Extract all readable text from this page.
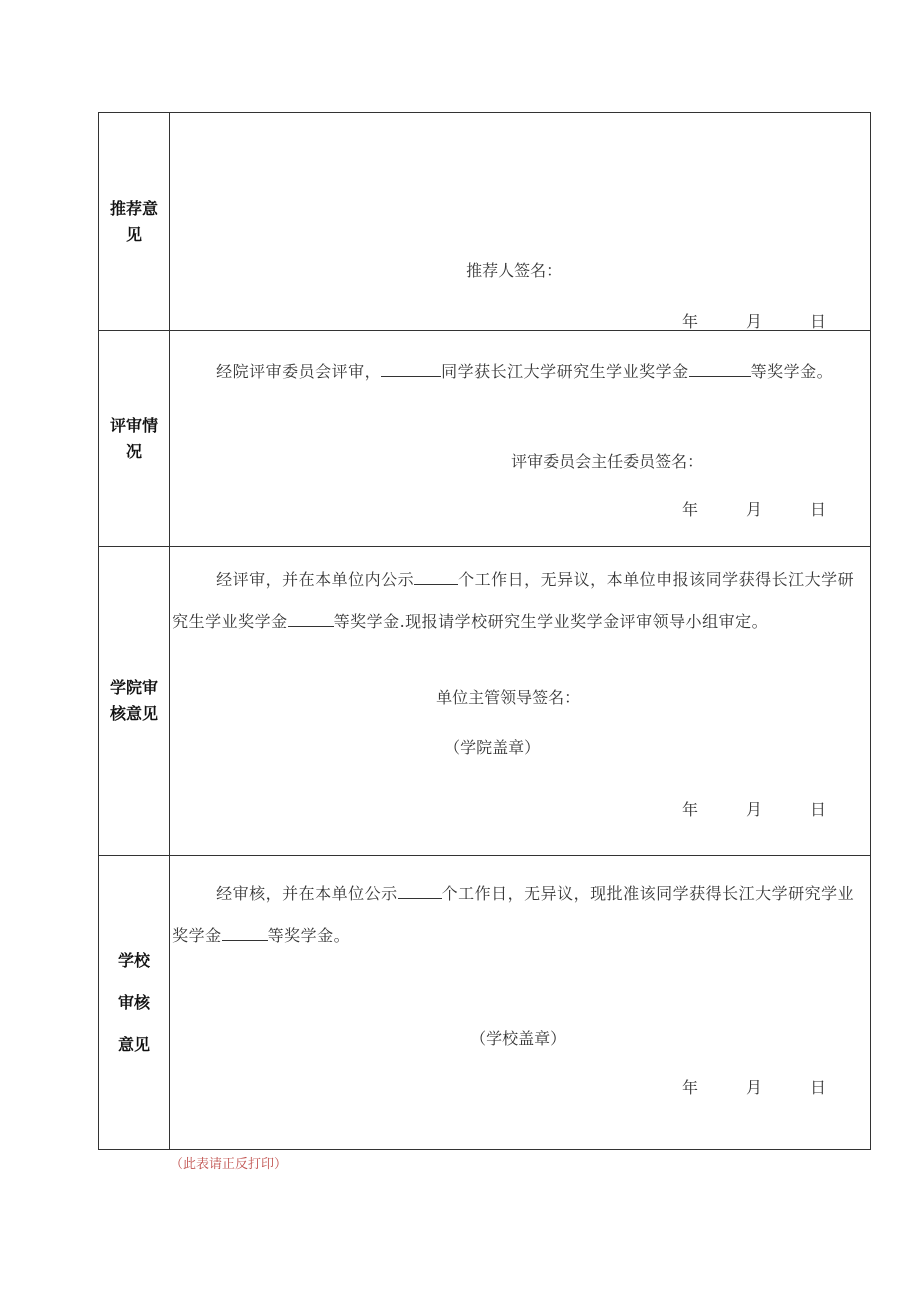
推荐意见	推荐人签名：
年 月 日

评审情况	经院评审委员会评审， 同学获长江大学研究生学业奖学金 等奖学金。
评审委员会主任委员签名：
年 月 日

学院审核意见	经评审，并在本单位内公示 个工作日，无异议，本单位申报该同学获得长江大学研究生学业奖学金 等奖学金.现报请学校研究生学业奖学金评审领导小组审定。
单位主管领导签名：
（学院盖章）
年 月 日

学校审核意见	经审核，并在本单位公示 个工作日，无异议，现批准该同学获得长江大学研究学业奖学金 等奖学金。
（学校盖章）
年 月 日
（此表请正反打印）
